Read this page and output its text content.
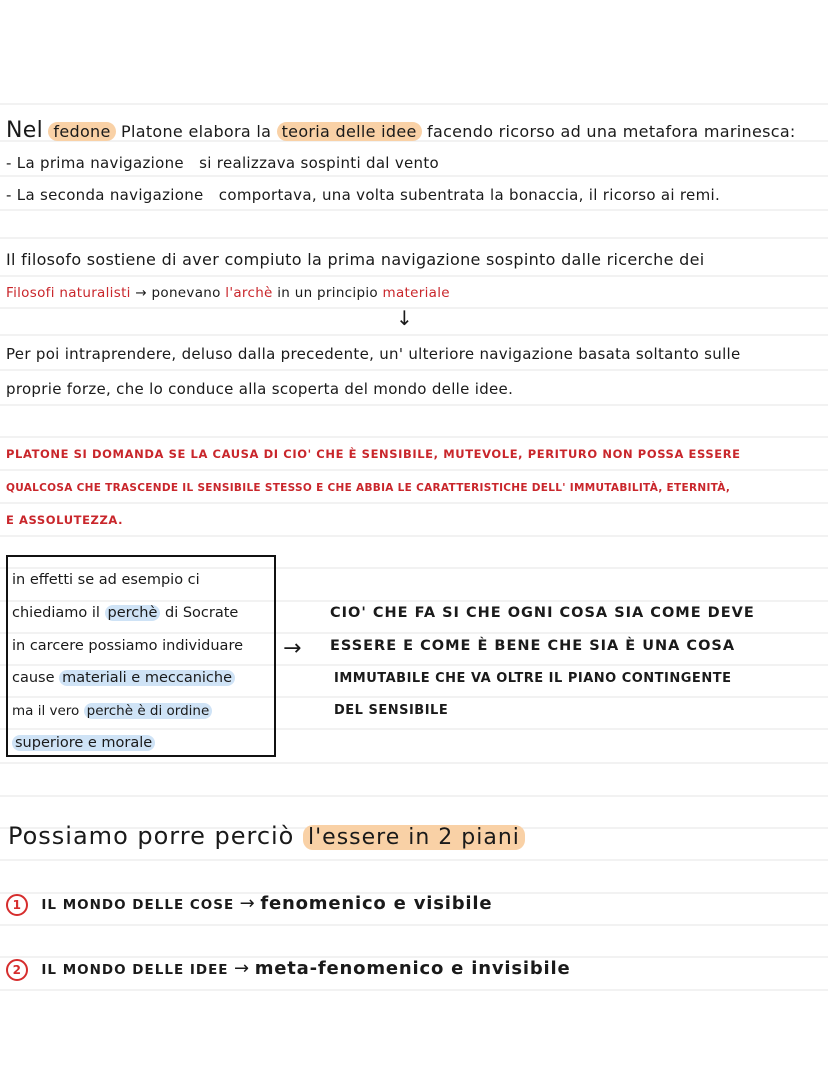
Nel fedone Platone elabora la teoria delle idee facendo ricorso ad una metafora marinesca:
- La prima navigazione si realizzava sospinti dal vento
- La seconda navigazione comportava, una volta subentrata la bonaccia, il ricorso ai remi.
Il filosofo sostiene di aver compiuto la prima navigazione sospinto dalle ricerche dei
Filosofi naturalisti → ponevano l'archè in un principio materiale
↓
Per poi intraprendere, deluso dalla precedente, un' ulteriore navigazione basata soltanto sulle
proprie forze, che lo conduce alla scoperta del mondo delle idee.
PLATONE SI DOMANDA SE LA CAUSA DI CIO' CHE È SENSIBILE, MUTEVOLE, PERITURO NON POSSA ESSERE
QUALCOSA CHE TRASCENDE IL SENSIBILE STESSO E CHE ABBIA LE CARATTERISTICHE DELL' IMMUTABILITÀ, ETERNITÀ,
E ASSOLUTEZZA.
in effetti se ad esempio ci
chiediamo il perchè di Socrate
in carcere possiamo individuare
cause materiali e meccaniche
ma il vero perchè è di ordine
superiore e morale
→
CIO' CHE FA SI CHE OGNI COSA SIA COME DEVE
ESSERE E COME È BENE CHE SIA È UNA COSA
IMMUTABILE CHE VA OLTRE IL PIANO CONTINGENTE
DEL SENSIBILE
Possiamo porre perciò l'essere in 2 piani
1 IL MONDO DELLE COSE → fenomenico e visibile
2 IL MONDO DELLE IDEE → meta-fenomenico e invisibile
